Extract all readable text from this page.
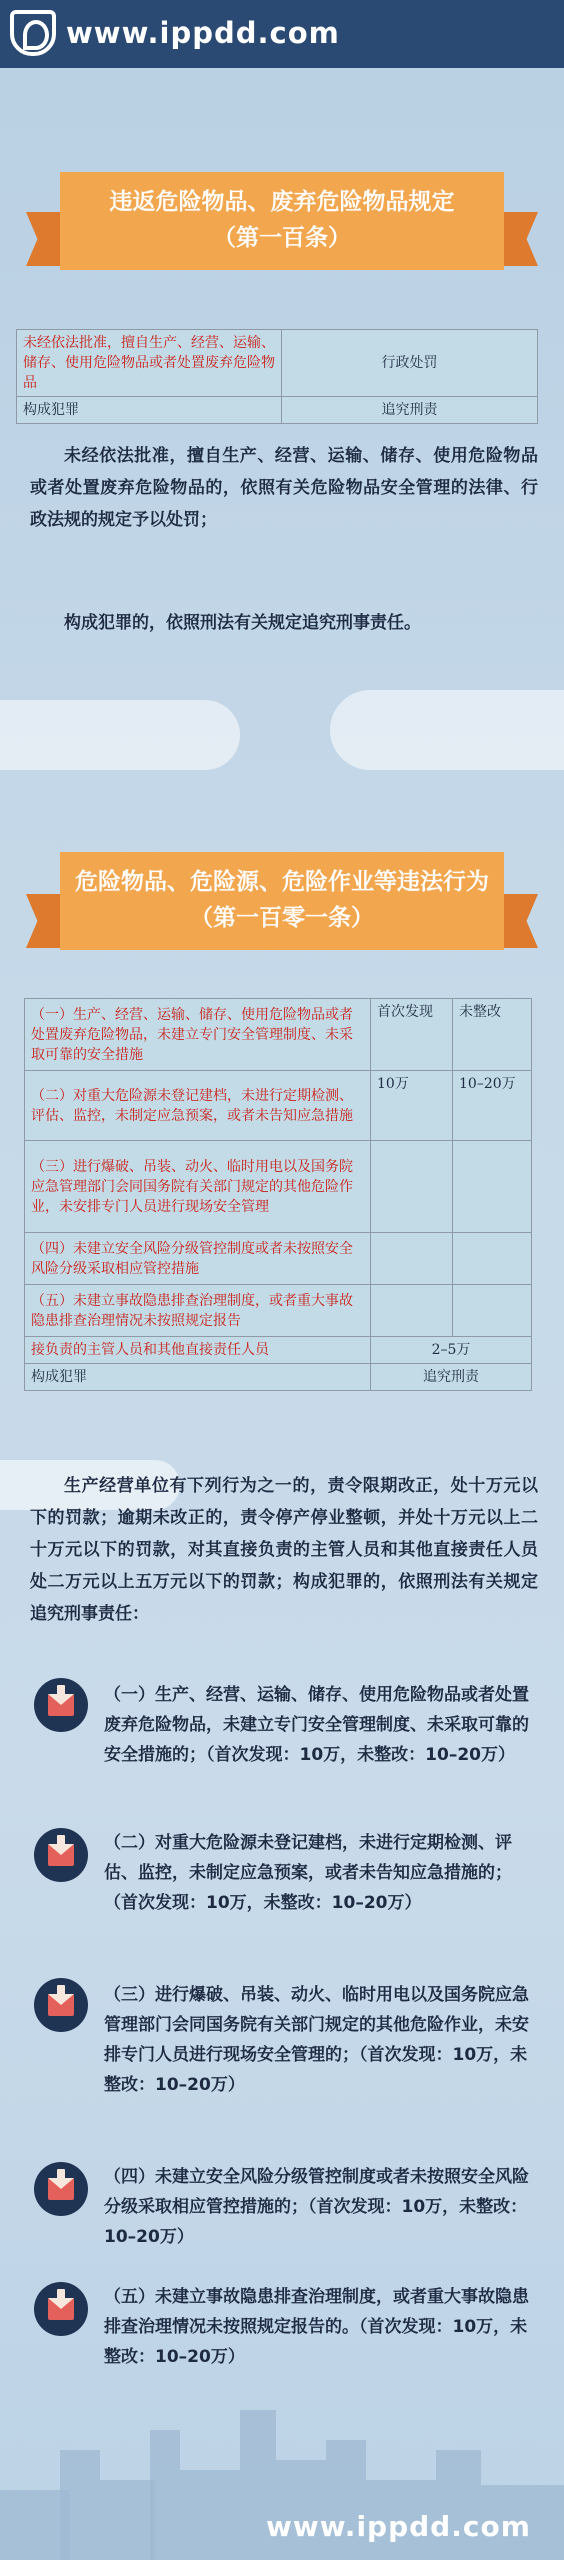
www.ippdd.com
违返危险物品、废弃危险物品规定
（第一百条）
未经依法批准，擅自生产、经营、运输、储存、使用危险物品或者处置废弃危险物品	行政处罚
构成犯罪	追究刑责
未经依法批准，擅自生产、经营、运输、储存、使用危险物品或者处置废弃危险物品的，依照有关危险物品安全管理的法律、行政法规的规定予以处罚；
构成犯罪的，依照刑法有关规定追究刑事责任。
危险物品、危险源、危险作业等违法行为
（第一百零一条）
（一）生产、经营、运输、储存、使用危险物品或者处置废弃危险物品，未建立专门安全管理制度、未采取可靠的安全措施	首次发现	未整改
（二）对重大危险源未登记建档，未进行定期检测、评估、监控，未制定应急预案，或者未告知应急措施	10万	10–20万
（三）进行爆破、吊装、动火、临时用电以及国务院应急管理部门会同国务院有关部门规定的其他危险作业，未安排专门人员进行现场安全管理		
（四）未建立安全风险分级管控制度或者未按照安全风险分级采取相应管控措施		
（五）未建立事故隐患排查治理制度，或者重大事故隐患排查治理情况未按照规定报告		
接负责的主管人员和其他直接责任人员	2–5万	
构成犯罪	追究刑责	
生产经营单位有下列行为之一的，责令限期改正，处十万元以下的罚款；逾期未改正的，责令停产停业整顿，并处十万元以上二十万元以下的罚款，对其直接负责的主管人员和其他直接责任人员处二万元以上五万元以下的罚款；构成犯罪的，依照刑法有关规定追究刑事责任：
（一）生产、经营、运输、储存、使用危险物品或者处置废弃危险物品，未建立专门安全管理制度、未采取可靠的安全措施的；（首次发现：10万，未整改：10–20万）
（二）对重大危险源未登记建档，未进行定期检测、评估、监控，未制定应急预案，或者未告知应急措施的；（首次发现：10万，未整改：10–20万）
（三）进行爆破、吊装、动火、临时用电以及国务院应急管理部门会同国务院有关部门规定的其他危险作业，未安排专门人员进行现场安全管理的；（首次发现：10万，未整改：10–20万）
（四）未建立安全风险分级管控制度或者未按照安全风险分级采取相应管控措施的；（首次发现：10万，未整改：10–20万）
（五）未建立事故隐患排查治理制度，或者重大事故隐患排查治理情况未按照规定报告的。（首次发现：10万，未整改：10–20万）
www.ippdd.com
